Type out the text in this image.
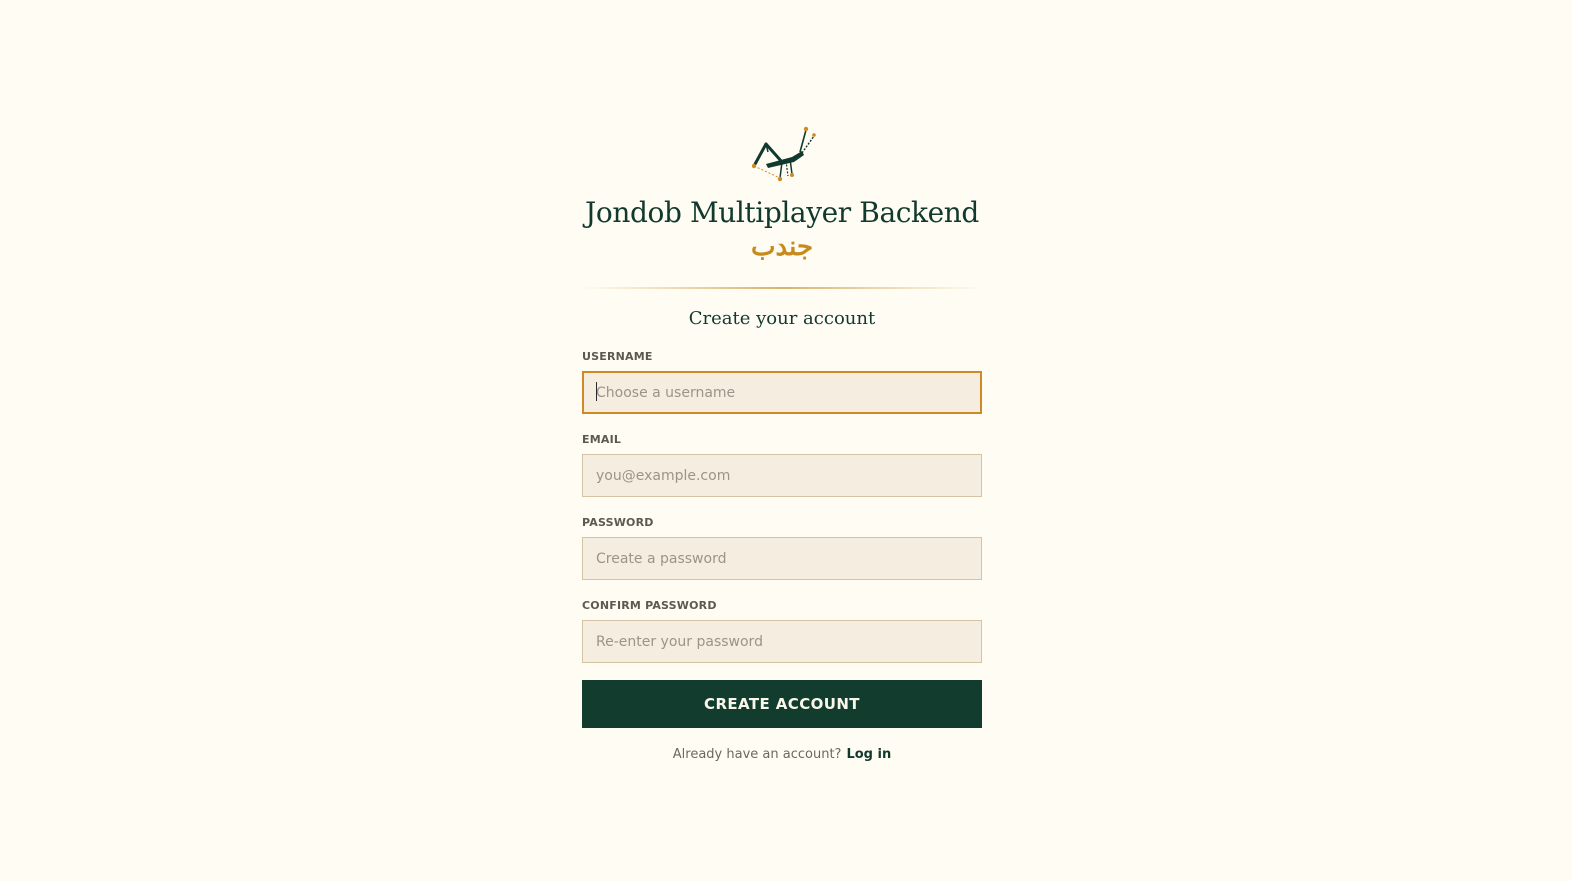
Jondob Multiplayer Backend
جندب
Create your account
USERNAME
Choose a username
EMAIL
you@example.com
PASSWORD
CONFIRM PASSWORD
CREATE ACCOUNT
Already have an account? Log in
